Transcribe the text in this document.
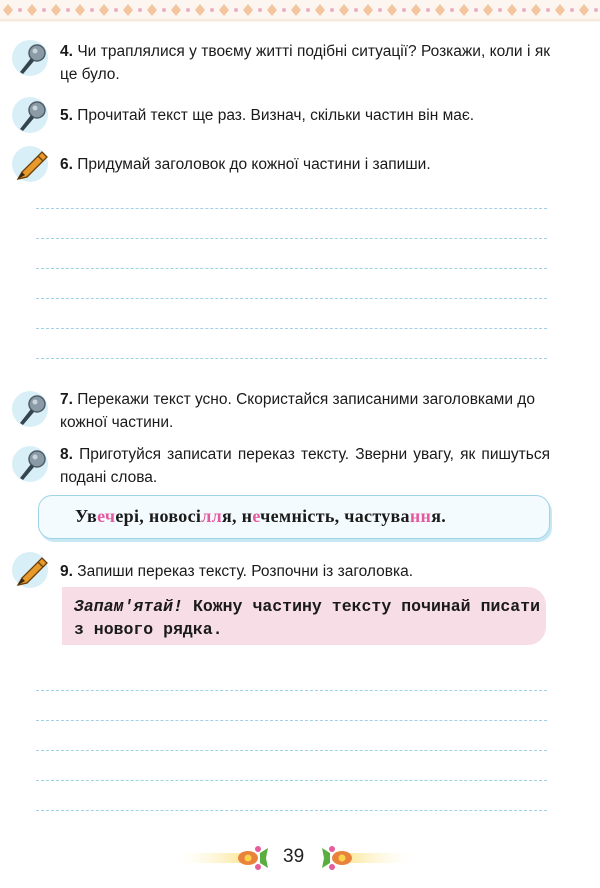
4. Чи траплялися у твоєму житті подібні ситуації? Розкажи, коли і як це було.
5. Прочитай текст ще раз. Визнач, скільки частин він має.
6. Придумай заголовок до кожної частини і запиши.
7. Перекажи текст усно. Скористайся записаними заголовками до кожної частини.
8. Приготуйся записати переказ тексту. Зверни увагу, як пишуться подані слова.
Увечері, новосілля, нечемність, частування.
9. Запиши переказ тексту. Розпочни із заголовка.
Запам'ятай! Кожну частину тексту починай писати з нового рядка.
39
